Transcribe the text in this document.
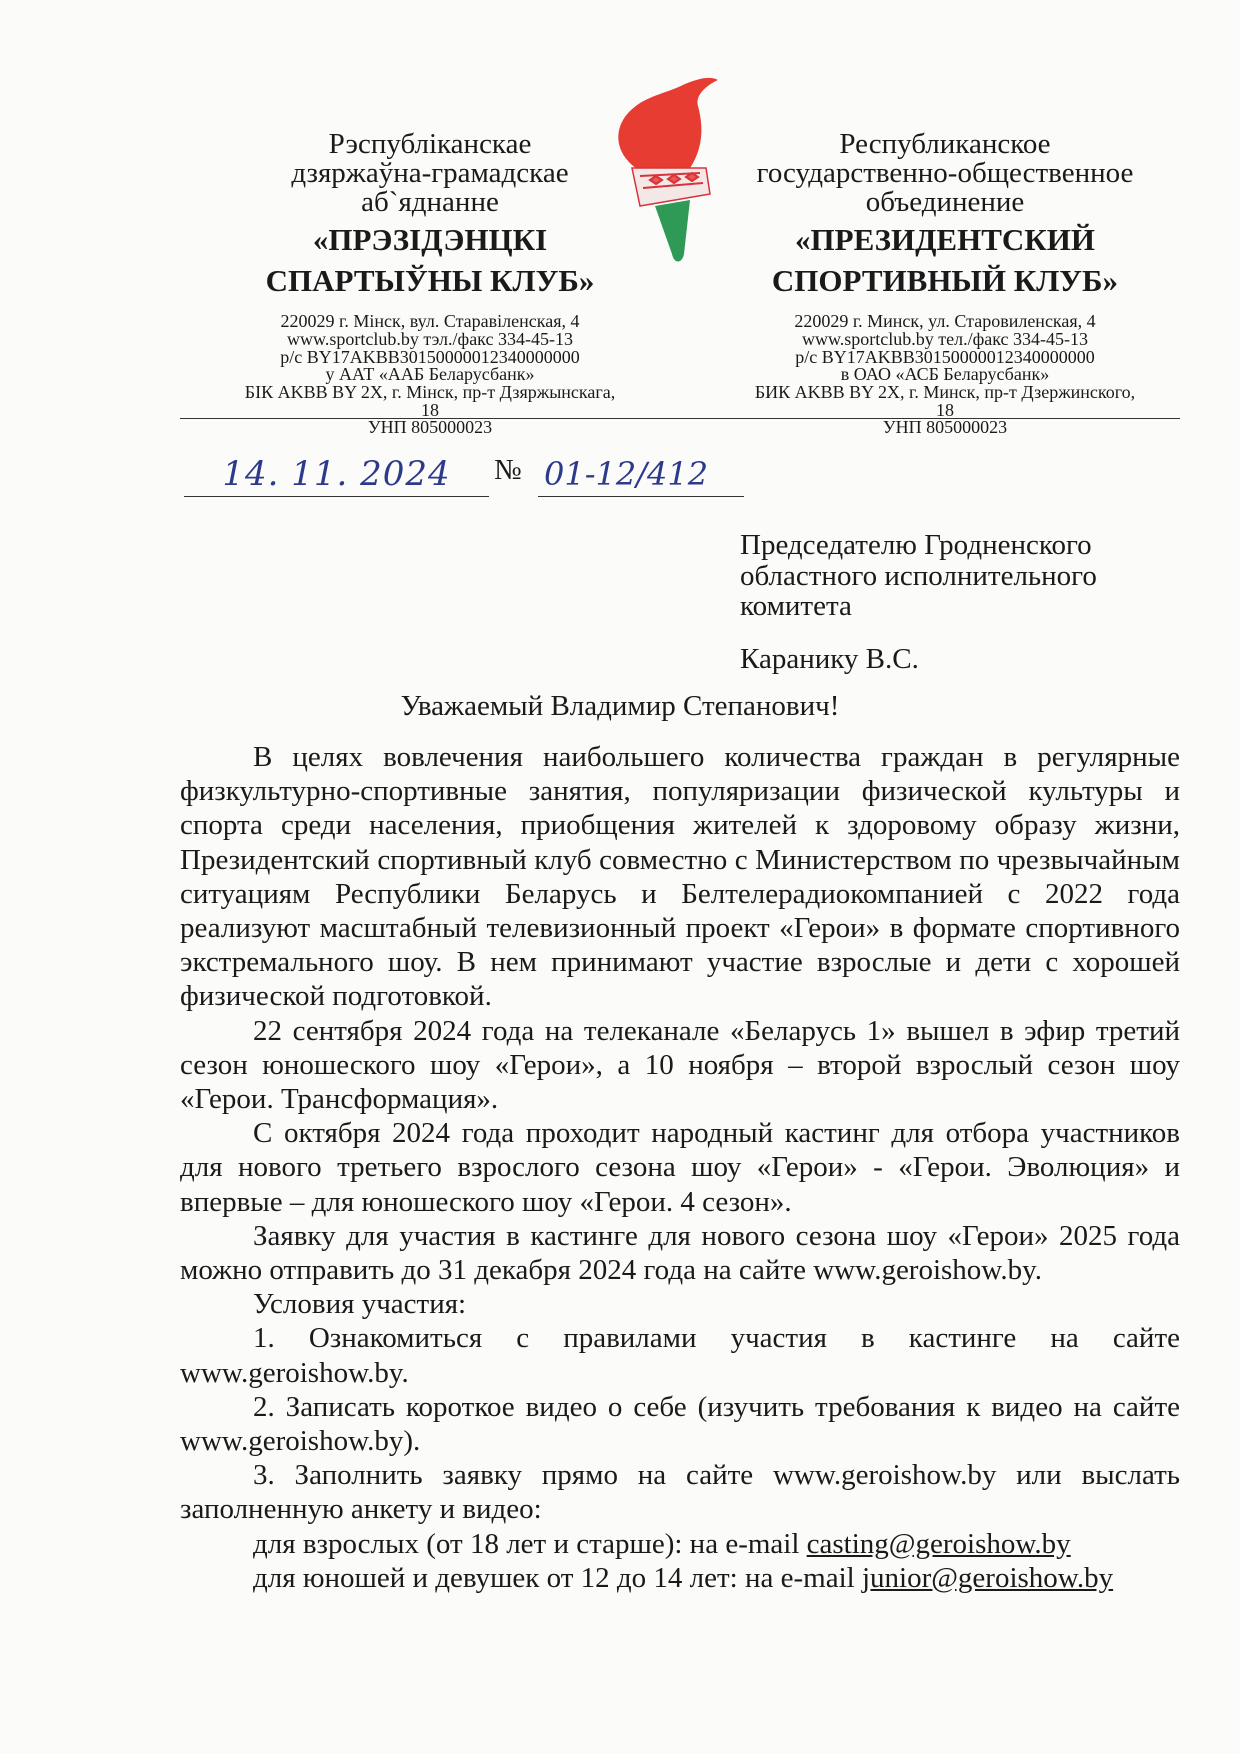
Рэспубліканскае
дзяржаўна-грамадскае
аб`яднанне
«ПРЭЗІДЭНЦКІ
СПАРТЫЎНЫ КЛУБ»
220029 г. Мінск, вул. Старавіленская, 4
www.sportclub.by тэл./факс 334-45-13
р/с BY17AKBB30150000012340000000
у ААТ «ААБ Беларусбанк»
БІК AKBB BY 2X, г. Мінск, пр-т Дзяржынскага,
18
УНП 805000023
Республиканское
государственно-общественное
объединение
«ПРЕЗИДЕНТСКИЙ
СПОРТИВНЫЙ КЛУБ»
220029 г. Минск, ул. Старовиленская, 4
www.sportclub.by тел./факс 334-45-13
р/с BY17AKBB30150000012340000000
в ОАО «АСБ Беларусбанк»
БИК AKBB BY 2X, г. Минск, пр-т Дзержинского,
18
УНП 805000023
14. 11. 2024	№ 01-12/412
Председателю Гродненского
областного исполнительного
комитета
Каранику В.С.
Уважаемый Владимир Степанович!

В целях вовлечения наибольшего количества граждан в регулярные физкультурно-спортивные занятия, популяризации физической культуры и спорта среди населения, приобщения жителей к здоровому образу жизни, Президентский спортивный клуб совместно с Министерством по чрезвычайным ситуациям Республики Беларусь и Белтелерадиокомпанией с 2022 года реализуют масштабный телевизионный проект «Герои» в формате спортивного экстремального шоу. В нем принимают участие взрослые и дети с хорошей физической подготовкой.

22 сентября 2024 года на телеканале «Беларусь 1» вышел в эфир третий сезон юношеского шоу «Герои», а 10 ноября – второй взрослый сезон шоу «Герои. Трансформация».

С октября 2024 года проходит народный кастинг для отбора участников для нового третьего взрослого сезона шоу «Герои» - «Герои. Эволюция» и впервые – для юношеского шоу «Герои. 4 сезон».

Заявку для участия в кастинге для нового сезона шоу «Герои» 2025 года можно отправить до 31 декабря 2024 года на сайте www.geroishow.by.

Условия участия:

1. Ознакомиться с правилами участия в кастинге на сайте www.geroishow.by.

2. Записать короткое видео о себе (изучить требования к видео на сайте www.geroishow.by).

3. Заполнить заявку прямо на сайте www.geroishow.by или выслать заполненную анкету и видео:

для взрослых (от 18 лет и старше): на e-mail casting@geroishow.by

для юношей и девушек от 12 до 14 лет: на e-mail junior@geroishow.by
